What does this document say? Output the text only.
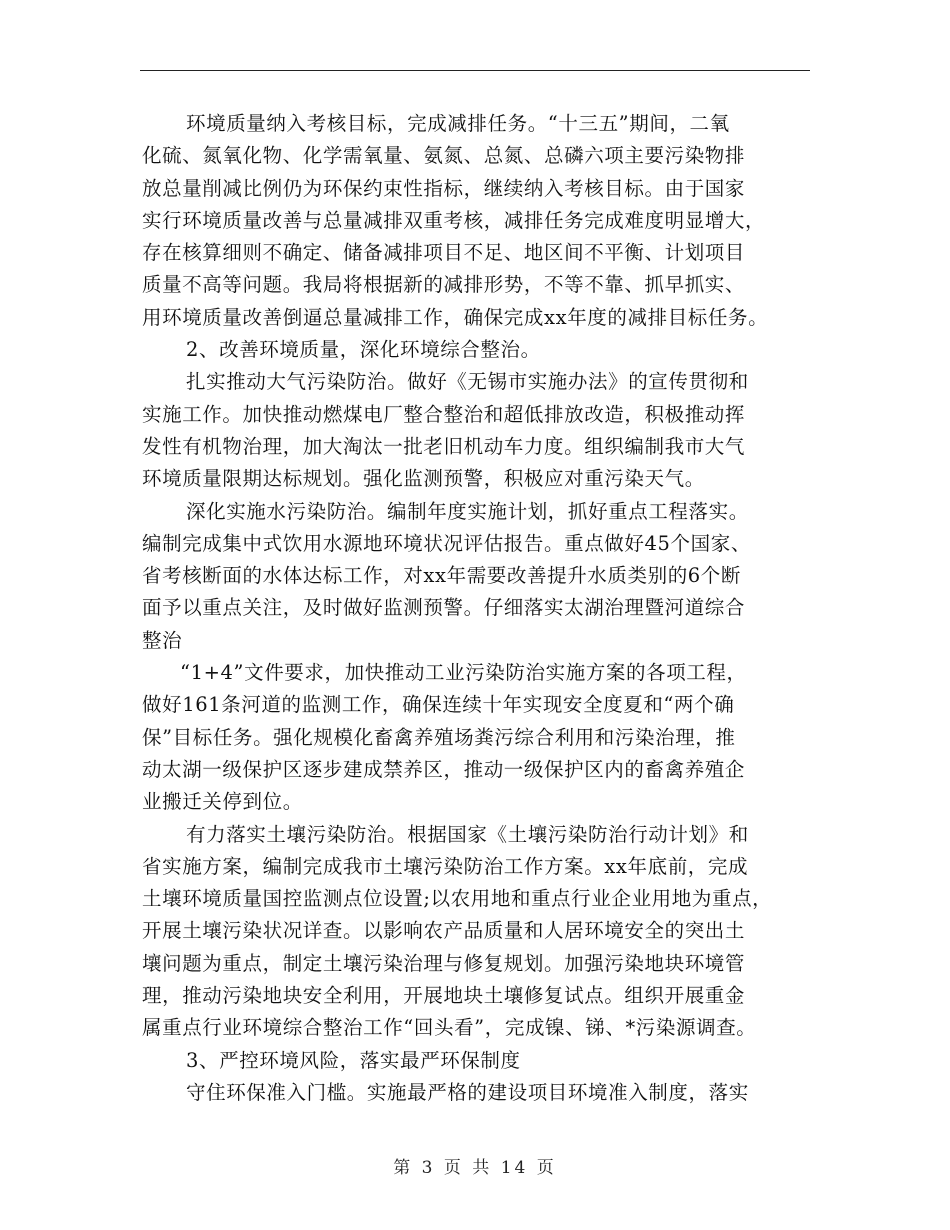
环境质量纳入考核目标，完成减排任务。“十三五”期间，二氧
化硫、氮氧化物、化学需氧量、氨氮、总氮、总磷六项主要污染物排
放总量削减比例仍为环保约束性指标，继续纳入考核目标。由于国家
实行环境质量改善与总量减排双重考核，减排任务完成难度明显增大，
存在核算细则不确定、储备减排项目不足、地区间不平衡、计划项目
质量不高等问题。我局将根据新的减排形势，不等不靠、抓早抓实、
用环境质量改善倒逼总量减排工作，确保完成xx年度的减排目标任务。
2、改善环境质量，深化环境综合整治。
扎实推动大气污染防治。做好《无锡市实施办法》的宣传贯彻和
实施工作。加快推动燃煤电厂整合整治和超低排放改造，积极推动挥
发性有机物治理，加大淘汰一批老旧机动车力度。组织编制我市大气
环境质量限期达标规划。强化监测预警，积极应对重污染天气。
深化实施水污染防治。编制年度实施计划，抓好重点工程落实。
编制完成集中式饮用水源地环境状况评估报告。重点做好45个国家、
省考核断面的水体达标工作，对xx年需要改善提升水质类别的6个断
面予以重点关注，及时做好监测预警。仔细落实太湖治理暨河道综合
整治
“1+4”文件要求，加快推动工业污染防治实施方案的各项工程，
做好161条河道的监测工作，确保连续十年实现安全度夏和“两个确
保”目标任务。强化规模化畜禽养殖场粪污综合利用和污染治理，推
动太湖一级保护区逐步建成禁养区，推动一级保护区内的畜禽养殖企
业搬迁关停到位。
有力落实土壤污染防治。根据国家《土壤污染防治行动计划》和
省实施方案，编制完成我市土壤污染防治工作方案。xx年底前，完成
土壤环境质量国控监测点位设置;以农用地和重点行业企业用地为重点，
开展土壤污染状况详查。以影响农产品质量和人居环境安全的突出土
壤问题为重点，制定土壤污染治理与修复规划。加强污染地块环境管
理，推动污染地块安全利用，开展地块土壤修复试点。组织开展重金
属重点行业环境综合整治工作“回头看”，完成镍、锑、*污染源调查。
3、严控环境风险，落实最严环保制度
守住环保准入门槛。实施最严格的建设项目环境准入制度，落实
第 3 页 共 14 页
